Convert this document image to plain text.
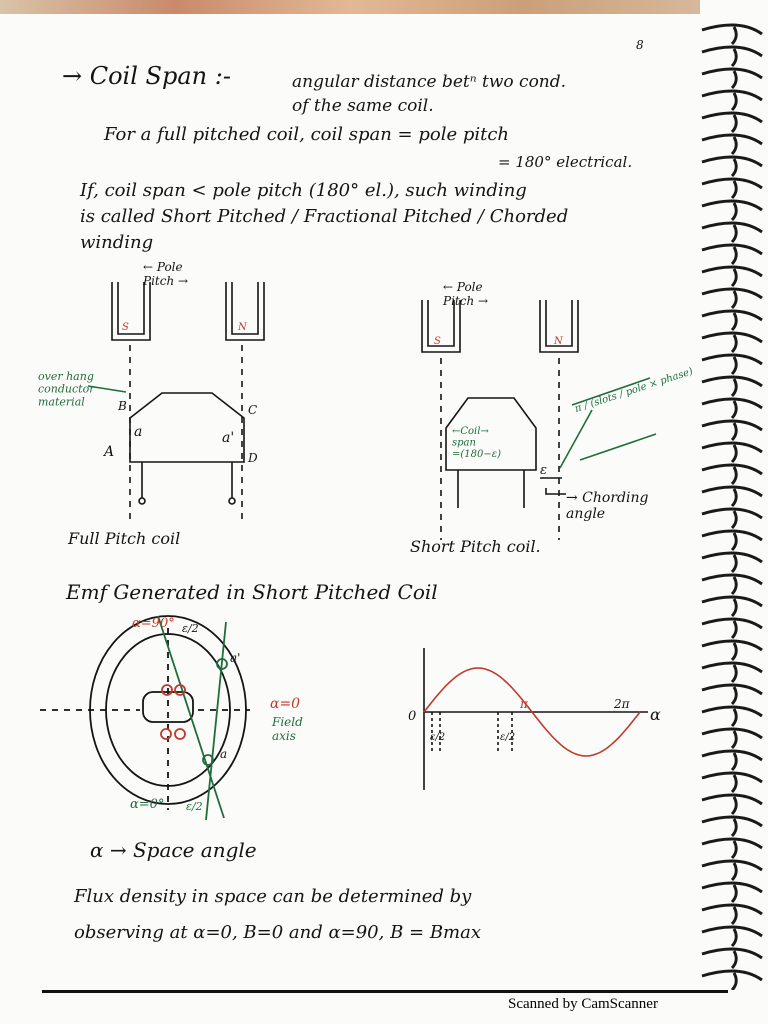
8
→ Coil Span :-	angular distance betⁿ two cond.
of the same coil.
For a full pitched coil, coil span = pole pitch
= 180° electrical.
If, coil span < pole pitch (180° el.), such winding
is called Short Pitched / Fractional Pitched / Chorded
winding
← Pole Pitch →
S	N
over hang conductor material	B	C
A	D
a	a'
Full Pitch coil
← Pole Pitch →
S	N
←Coil→ span =(180−ε)
ε
π / (slots / pole × phase)
→ Chording angle
Short Pitch coil.
α=90° ε/2
a'
a
α=0
Field axis
α=0° ε/2
0
π	2π
α
ε/2	ε/2
Emf Generated in Short Pitched Coil
α → Space angle
Flux density in space can be determined by
observing at α=0, B=0 and α=90, B = Bmax
Scanned by CamScanner
